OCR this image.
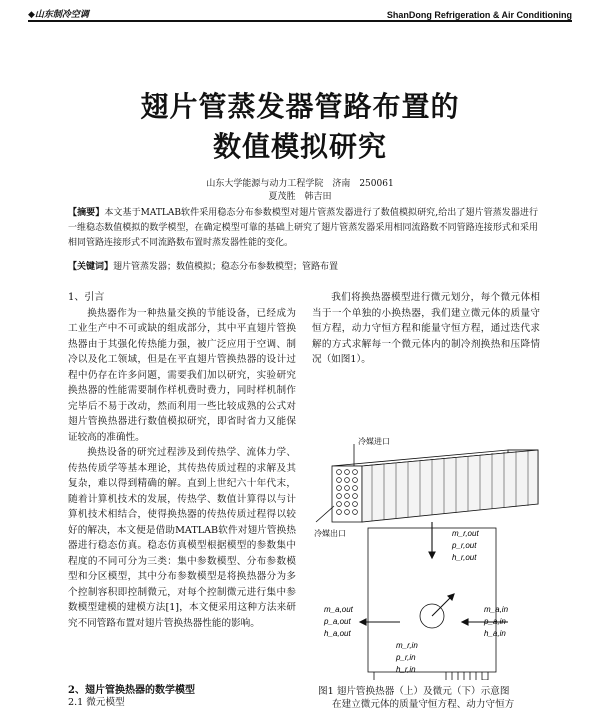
◆山东制冷空调	ShanDong Refrigeration & Air Conditioning
翅片管蒸发器管路布置的
数值模拟研究
山东大学能源与动力工程学院　济南　250061
夏茂胜　韩吉田
【摘要】本文基于MATLAB软件采用稳态分布参数模型对翅片管蒸发器进行了数值模拟研究,给出了翅片管蒸发器进行一维稳态数值模拟的数学模型，在确定模型可靠的基础上研究了翅片管蒸发器采用相同流路数不同管路连接形式和采用相同管路连接形式不同流路数布置时蒸发器性能的变化。
【关键词】翅片管蒸发器；数值模拟；稳态分布参数模型；管路布置
1、引言

换热器作为一种热量交换的节能设备，已经成为工业生产中不可或缺的组成部分，其中平直翅片管换热器由于其强化传热能力强，被广泛应用于空调、制冷以及化工领域，但是在平直翅片管换热器的设计过程中仍存在许多问题，需要我们加以研究，实验研究换热器的性能需要制作样机费时费力，同时样机制作完毕后不易于改动，然而利用一些比较成熟的公式对翅片管换热器进行数值模拟研究，即省时省力又能保证较高的准确性。

换热设备的研究过程涉及到传热学、流体力学、传热传质学等基本理论，其传热传质过程的求解及其复杂，难以得到精确的解。直到上世纪六十年代末，随着计算机技术的发展，传热学、数值计算得以与计算机技术相结合，使得换热器的传热传质过程得以较好的解决，本文便是借助MATLAB软件对翅片管换热器进行稳态仿真。稳态仿真模型根据模型的参数集中程度的不同可分为三类：集中参数模型、分布参数模型和分区模型，其中分布参数模型是将换热器分为多个控制容积即控制微元，对每个控制微元进行集中参数模型建模的建模方法[1]，本文便采用这种方法来研究不同管路布置对翅片管换热器性能的影响。

我们将换热器模型进行微元划分，每个微元体相当于一个单独的小换热器，我们建立微元体的质量守恒方程，动力守恒方程和能量守恒方程，通过迭代求解的方式求解每一个微元体内的制冷剂换热和压降情况（如图1）。

冷媒进口
冷媒出口	m_r,out
p_r,out
h_r,out
m_a,out
p_a,out
h_a,out
m_a,in
p_a,in
h_a,in
m_r,in
p_r,in
h_r,in
2、翅片管换热器的数学模型
2.1 微元模型
图1 翅片管换热器（上）及微元（下）示意图
在建立微元体的质量守恒方程、动力守恒方
